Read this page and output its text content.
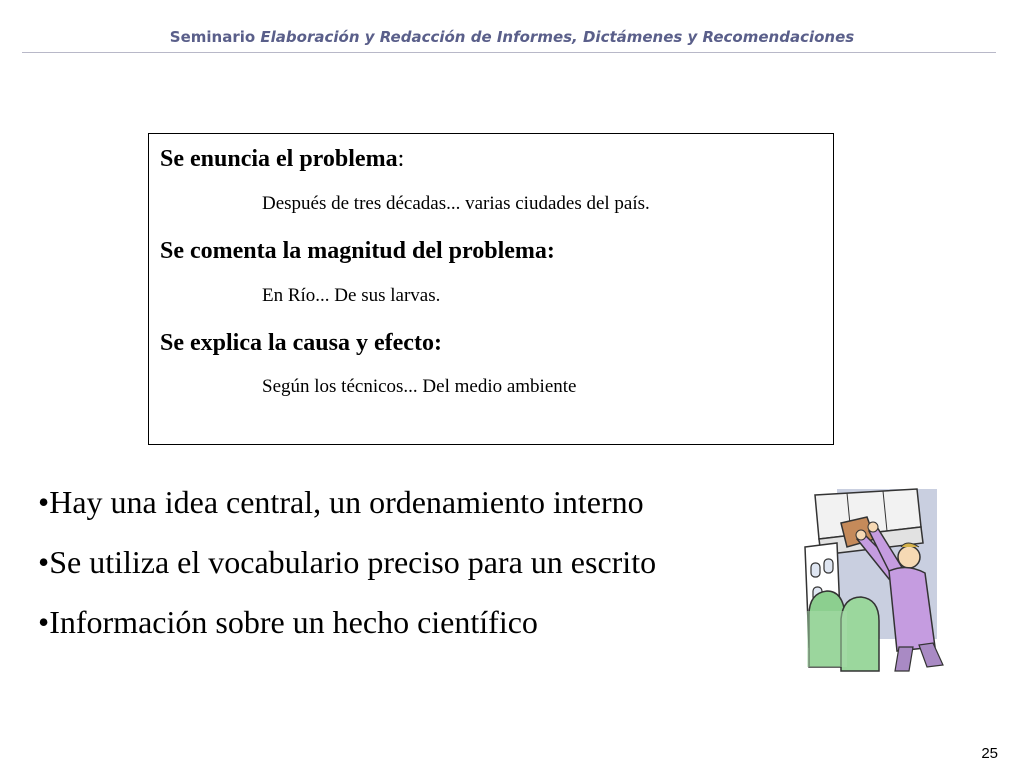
Seminario Elaboración y Redacción de Informes, Dictámenes y Recomendaciones
Se enuncia el problema:
Después de tres décadas... varias ciudades del país.
Se comenta la magnitud del problema:
En Río... De sus larvas.
Se explica la causa y efecto:
Según los técnicos... Del medio ambiente
•Hay una idea central, un ordenamiento interno
•Se utiliza el vocabulario preciso para un escrito
•Información sobre un hecho científico
25
